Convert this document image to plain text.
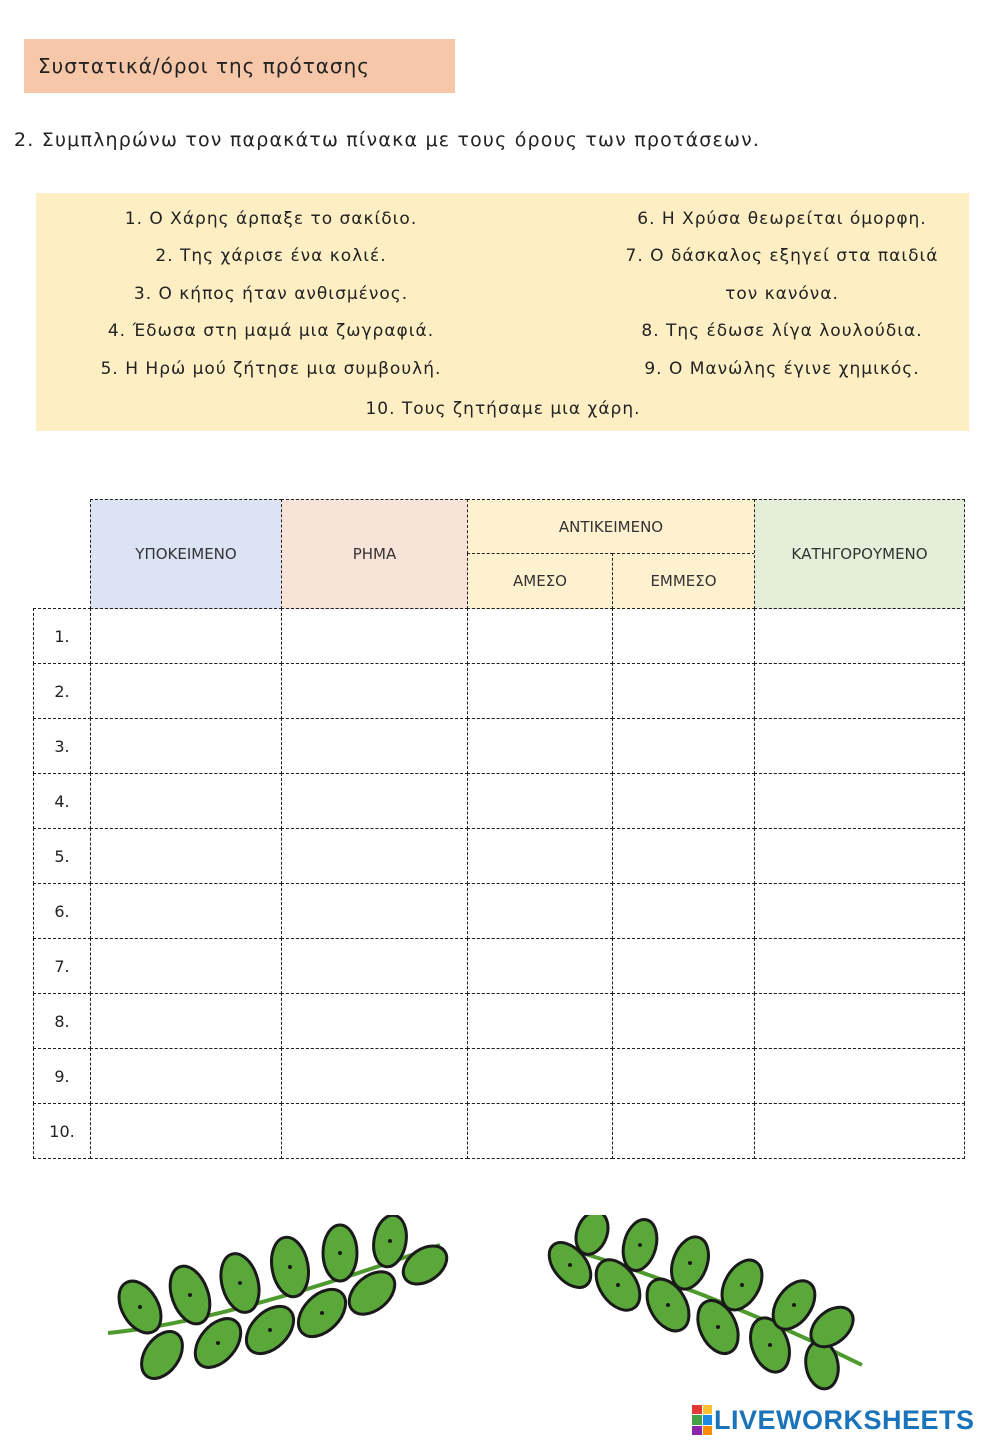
Συστατικά/όροι της πρότασης
2. Συμπληρώνω τον παρακάτω πίνακα με τους όρους των προτάσεων.
1. Ο Χάρης άρπαξε το σακίδιο.
2. Της χάρισε ένα κολιέ.
3. Ο κήπος ήταν ανθισμένος.
4. Έδωσα στη μαμά μια ζωγραφιά.
5. Η Ηρώ μού ζήτησε μια συμβουλή.
6. Η Χρύσα θεωρείται όμορφη.
7. Ο δάσκαλος εξηγεί στα παιδιά
τον κανόνα.
8. Της έδωσε λίγα λουλούδια.
9. Ο Μανώλης έγινε χημικός.
10. Τους ζητήσαμε μια χάρη.
ΥΠΟΚΕΙΜΕΝΟ	ΡΗΜΑ
ΑΝΤΙΚΕΙΜΕΝΟ
ΑΜΕΣΟ	ΕΜΜΕΣΟ
ΚΑΤΗΓΟΡΟΥΜΕΝΟ
1.
2.
3.
4.
5.
6.
7.
8.
9.
10.
LIVEWORKSHEETS
